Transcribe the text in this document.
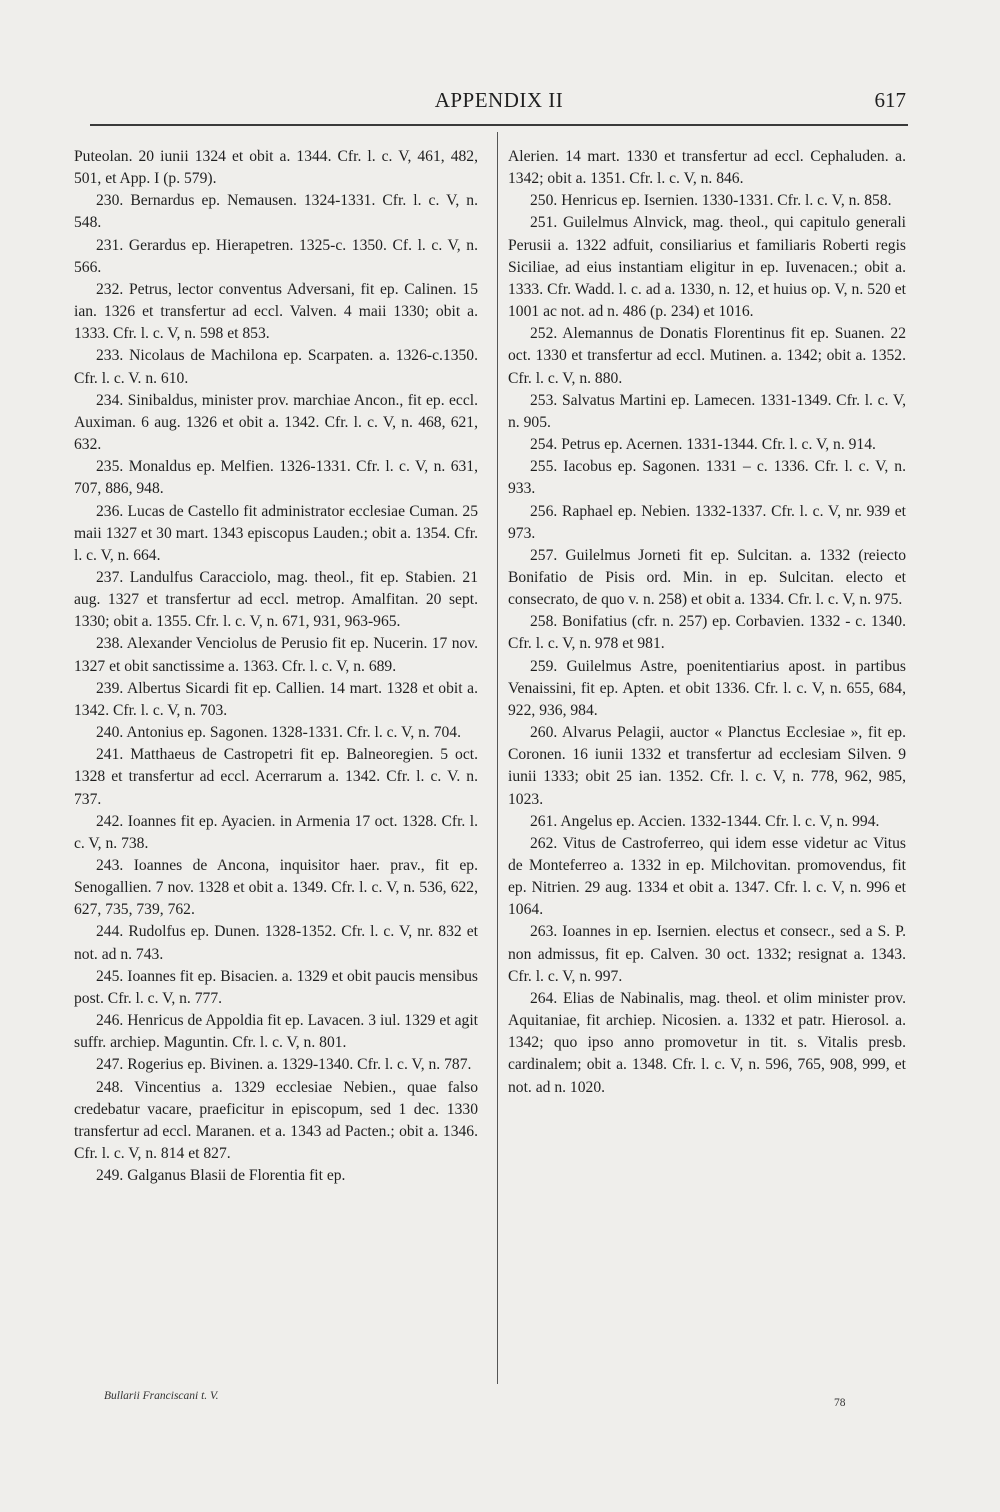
APPENDIX II	617

Puteolan. 20 iunii 1324 et obit a. 1344. Cfr. l. c. V, 461, 482, 501, et App. I (p. 579).

230. Bernardus ep. Nemausen. 1324-1331. Cfr. l. c. V, n. 548.

231. Gerardus ep. Hierapetren. 1325-c. 1350. Cf. l. c. V, n. 566.

232. Petrus, lector conventus Adversani, fit ep. Calinen. 15 ian. 1326 et transfertur ad eccl. Valven. 4 maii 1330; obit a. 1333. Cfr. l. c. V, n. 598 et 853.

233. Nicolaus de Machilona ep. Scarpaten. a. 1326-c.1350. Cfr. l. c. V. n. 610.

234. Sinibaldus, minister prov. marchiae Ancon., fit ep. eccl. Auximan. 6 aug. 1326 et obit a. 1342. Cfr. l. c. V, n. 468, 621, 632.

235. Monaldus ep. Melfien. 1326-1331. Cfr. l. c. V, n. 631, 707, 886, 948.

236. Lucas de Castello fit administrator ecclesiae Cuman. 25 maii 1327 et 30 mart. 1343 episcopus Lauden.; obit a. 1354. Cfr. l. c. V, n. 664.

237. Landulfus Caracciolo, mag. theol., fit ep. Stabien. 21 aug. 1327 et transfertur ad eccl. metrop. Amalfitan. 20 sept. 1330; obit a. 1355. Cfr. l. c. V, n. 671, 931, 963-965.

238. Alexander Venciolus de Perusio fit ep. Nucerin. 17 nov. 1327 et obit sanctissime a. 1363. Cfr. l. c. V, n. 689.

239. Albertus Sicardi fit ep. Callien. 14 mart. 1328 et obit a. 1342. Cfr. l. c. V, n. 703.

240. Antonius ep. Sagonen. 1328-1331. Cfr. l. c. V, n. 704.

241. Matthaeus de Castropetri fit ep. Balneoregien. 5 oct. 1328 et transfertur ad eccl. Acerrarum a. 1342. Cfr. l. c. V. n. 737.

242. Ioannes fit ep. Ayacien. in Armenia 17 oct. 1328. Cfr. l. c. V, n. 738.

243. Ioannes de Ancona, inquisitor haer. prav., fit ep. Senogallien. 7 nov. 1328 et obit a. 1349. Cfr. l. c. V, n. 536, 622, 627, 735, 739, 762.

244. Rudolfus ep. Dunen. 1328-1352. Cfr. l. c. V, nr. 832 et not. ad n. 743.

245. Ioannes fit ep. Bisacien. a. 1329 et obit paucis mensibus post. Cfr. l. c. V, n. 777.

246. Henricus de Appoldia fit ep. Lavacen. 3 iul. 1329 et agit suffr. archiep. Maguntin. Cfr. l. c. V, n. 801.

247. Rogerius ep. Bivinen. a. 1329-1340. Cfr. l. c. V, n. 787.

248. Vincentius a. 1329 ecclesiae Nebien., quae falso credebatur vacare, praeficitur in episcopum, sed 1 dec. 1330 transfertur ad eccl. Maranen. et a. 1343 ad Pacten.; obit a. 1346. Cfr. l. c. V, n. 814 et 827.

249. Galganus Blasii de Florentia fit ep.

Alerien. 14 mart. 1330 et transfertur ad eccl. Cephaluden. a. 1342; obit a. 1351. Cfr. l. c. V, n. 846.

250. Henricus ep. Isernien. 1330-1331. Cfr. l. c. V, n. 858.

251. Guilelmus Alnvick, mag. theol., qui capitulo generali Perusii a. 1322 adfuit, consiliarius et familiaris Roberti regis Siciliae, ad eius instantiam eligitur in ep. Iuvenacen.; obit a. 1333. Cfr. Wadd. l. c. ad a. 1330, n. 12, et huius op. V, n. 520 et 1001 ac not. ad n. 486 (p. 234) et 1016.

252. Alemannus de Donatis Florentinus fit ep. Suanen. 22 oct. 1330 et transfertur ad eccl. Mutinen. a. 1342; obit a. 1352. Cfr. l. c. V, n. 880.

253. Salvatus Martini ep. Lamecen. 1331-1349. Cfr. l. c. V, n. 905.

254. Petrus ep. Acernen. 1331-1344. Cfr. l. c. V, n. 914.

255. Iacobus ep. Sagonen. 1331 – c. 1336. Cfr. l. c. V, n. 933.

256. Raphael ep. Nebien. 1332-1337. Cfr. l. c. V, nr. 939 et 973.

257. Guilelmus Jorneti fit ep. Sulcitan. a. 1332 (reiecto Bonifatio de Pisis ord. Min. in ep. Sulcitan. electo et consecrato, de quo v. n. 258) et obit a. 1334. Cfr. l. c. V, n. 975.

258. Bonifatius (cfr. n. 257) ep. Corbavien. 1332 - c. 1340. Cfr. l. c. V, n. 978 et 981.

259. Guilelmus Astre, poenitentiarius apost. in partibus Venaissini, fit ep. Apten. et obit 1336. Cfr. l. c. V, n. 655, 684, 922, 936, 984.

260. Alvarus Pelagii, auctor « Planctus Ecclesiae », fit ep. Coronen. 16 iunii 1332 et transfertur ad ecclesiam Silven. 9 iunii 1333; obit 25 ian. 1352. Cfr. l. c. V, n. 778, 962, 985, 1023.

261. Angelus ep. Accien. 1332-1344. Cfr. l. c. V, n. 994.

262. Vitus de Castroferreo, qui idem esse videtur ac Vitus de Monteferreo a. 1332 in ep. Milchovitan. promovendus, fit ep. Nitrien. 29 aug. 1334 et obit a. 1347. Cfr. l. c. V, n. 996 et 1064.

263. Ioannes in ep. Isernien. electus et consecr., sed a S. P. non admissus, fit ep. Calven. 30 oct. 1332; resignat a. 1343. Cfr. l. c. V, n. 997.

264. Elias de Nabinalis, mag. theol. et olim minister prov. Aquitaniae, fit archiep. Nicosien. a. 1332 et patr. Hierosol. a. 1342; quo ipso anno promovetur in tit. s. Vitalis presb. cardinalem; obit a. 1348. Cfr. l. c. V, n. 596, 765, 908, 999, et not. ad n. 1020.

Bullarii Franciscani t. V.
78
